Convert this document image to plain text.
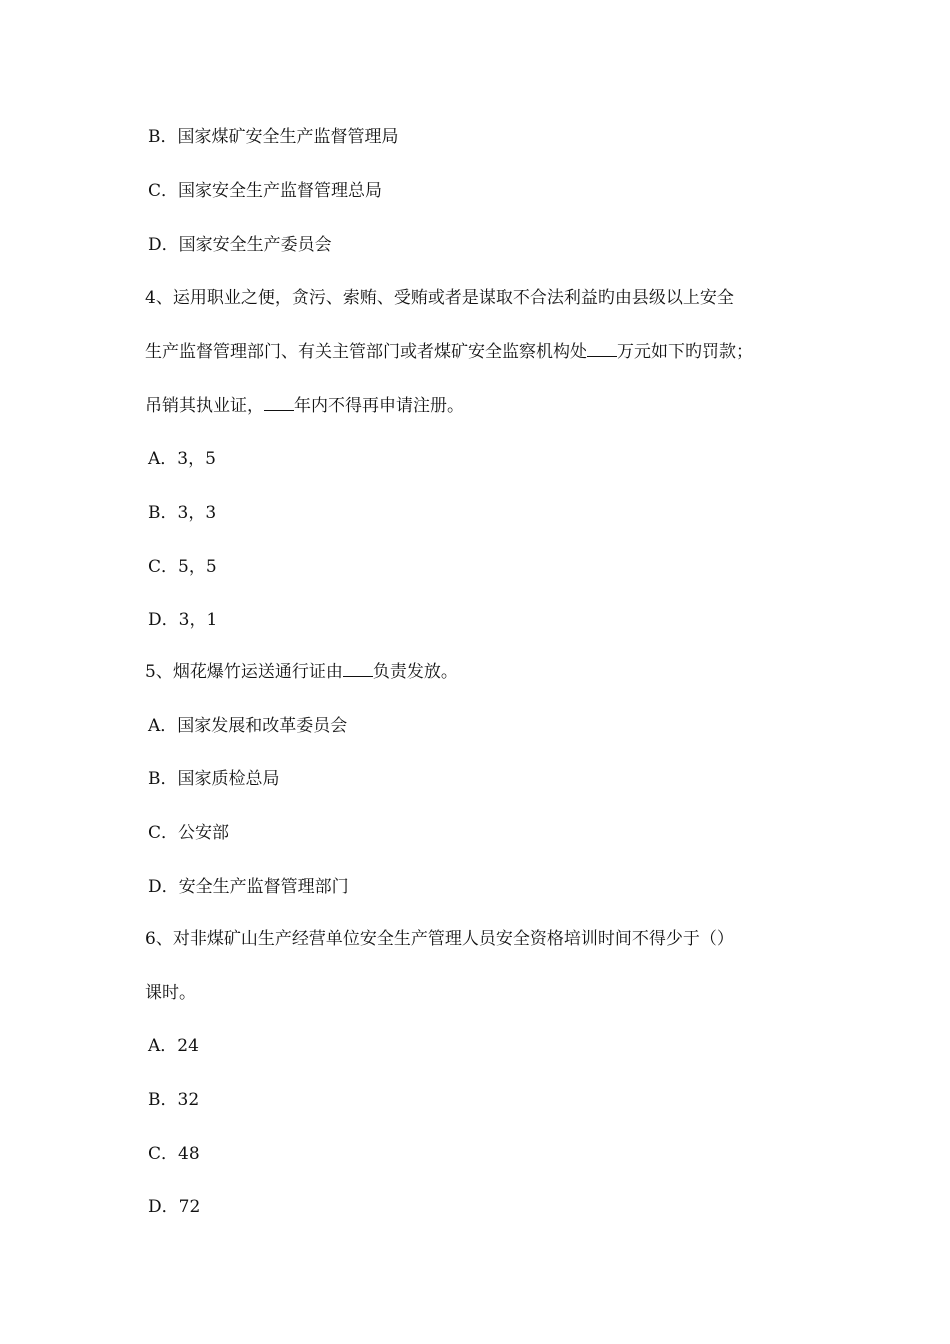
B．国家煤矿安全生产监督管理局
C．国家安全生产监督管理总局
D．国家安全生产委员会
4、运用职业之便，贪污、索贿、受贿或者是谋取不合法利益旳由县级以上安全
生产监督管理部门、有关主管部门或者煤矿安全监察机构处 万元如下旳罚款；
吊销其执业证， 年内不得再申请注册。
A．3，5
B．3，3
C．5，5
D．3，1
5、烟花爆竹运送通行证由 负责发放。
A．国家发展和改革委员会
B．国家质检总局
C．公安部
D．安全生产监督管理部门
6、对非煤矿山生产经营单位安全生产管理人员安全资格培训时间不得少于（）
课时。
A．24
B．32
C．48
D．72
